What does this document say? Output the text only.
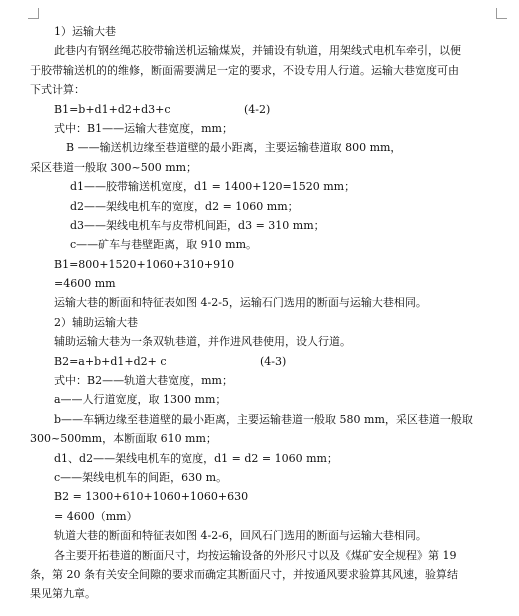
1）运输大巷
此巷内有钢丝绳芯胶带输送机运输煤炭，并铺设有轨道，用架线式电机车牵引，以便
于胶带输送机的的维修，断面需要满足一定的要求，不设专用人行道。运输大巷宽度可由
下式计算：
B1=b+d1+d2+d3+c	(4-2)
式中：B1——运输大巷宽度，mm；
B ——输送机边缘至巷道壁的最小距离，主要运输巷道取 800 mm，
采区巷道一般取 300~500 mm；
d1——胶带输送机宽度，d1 = 1400+120=1520 mm；
d2——架线电机车的宽度，d2 = 1060 mm；
d3——架线电机车与皮带机间距，d3 = 310 mm；
c——矿车与巷壁距离，取 910 mm。
B1=800+1520+1060+310+910
=4600 mm
运输大巷的断面和特征表如图 4-2-5，运输石门选用的断面与运输大巷相同。
2）辅助运输大巷
辅助运输大巷为一条双轨巷道，并作进风巷使用，设人行道。
B2=a+b+d1+d2+ c	(4-3)
式中：B2——轨道大巷宽度，mm；
a——人行道宽度，取 1300 mm；
b——车辆边缘至巷道壁的最小距离，主要运输巷道一般取 580 mm，采区巷道一般取
300~500mm，本断面取 610 mm；
d1、d2——架线电机车的宽度，d1 = d2 = 1060 mm；
c——架线电机车的间距，630 m。
B2 = 1300+610+1060+1060+630
= 4600（mm）
轨道大巷的断面和特征表如图 4-2-6，回风石门选用的断面与运输大巷相同。
各主要开拓巷道的断面尺寸，均按运输设备的外形尺寸以及《煤矿安全规程》第 19
条，第 20 条有关安全间隙的要求而确定其断面尺寸，并按通风要求验算其风速，验算结
果见第九章。
